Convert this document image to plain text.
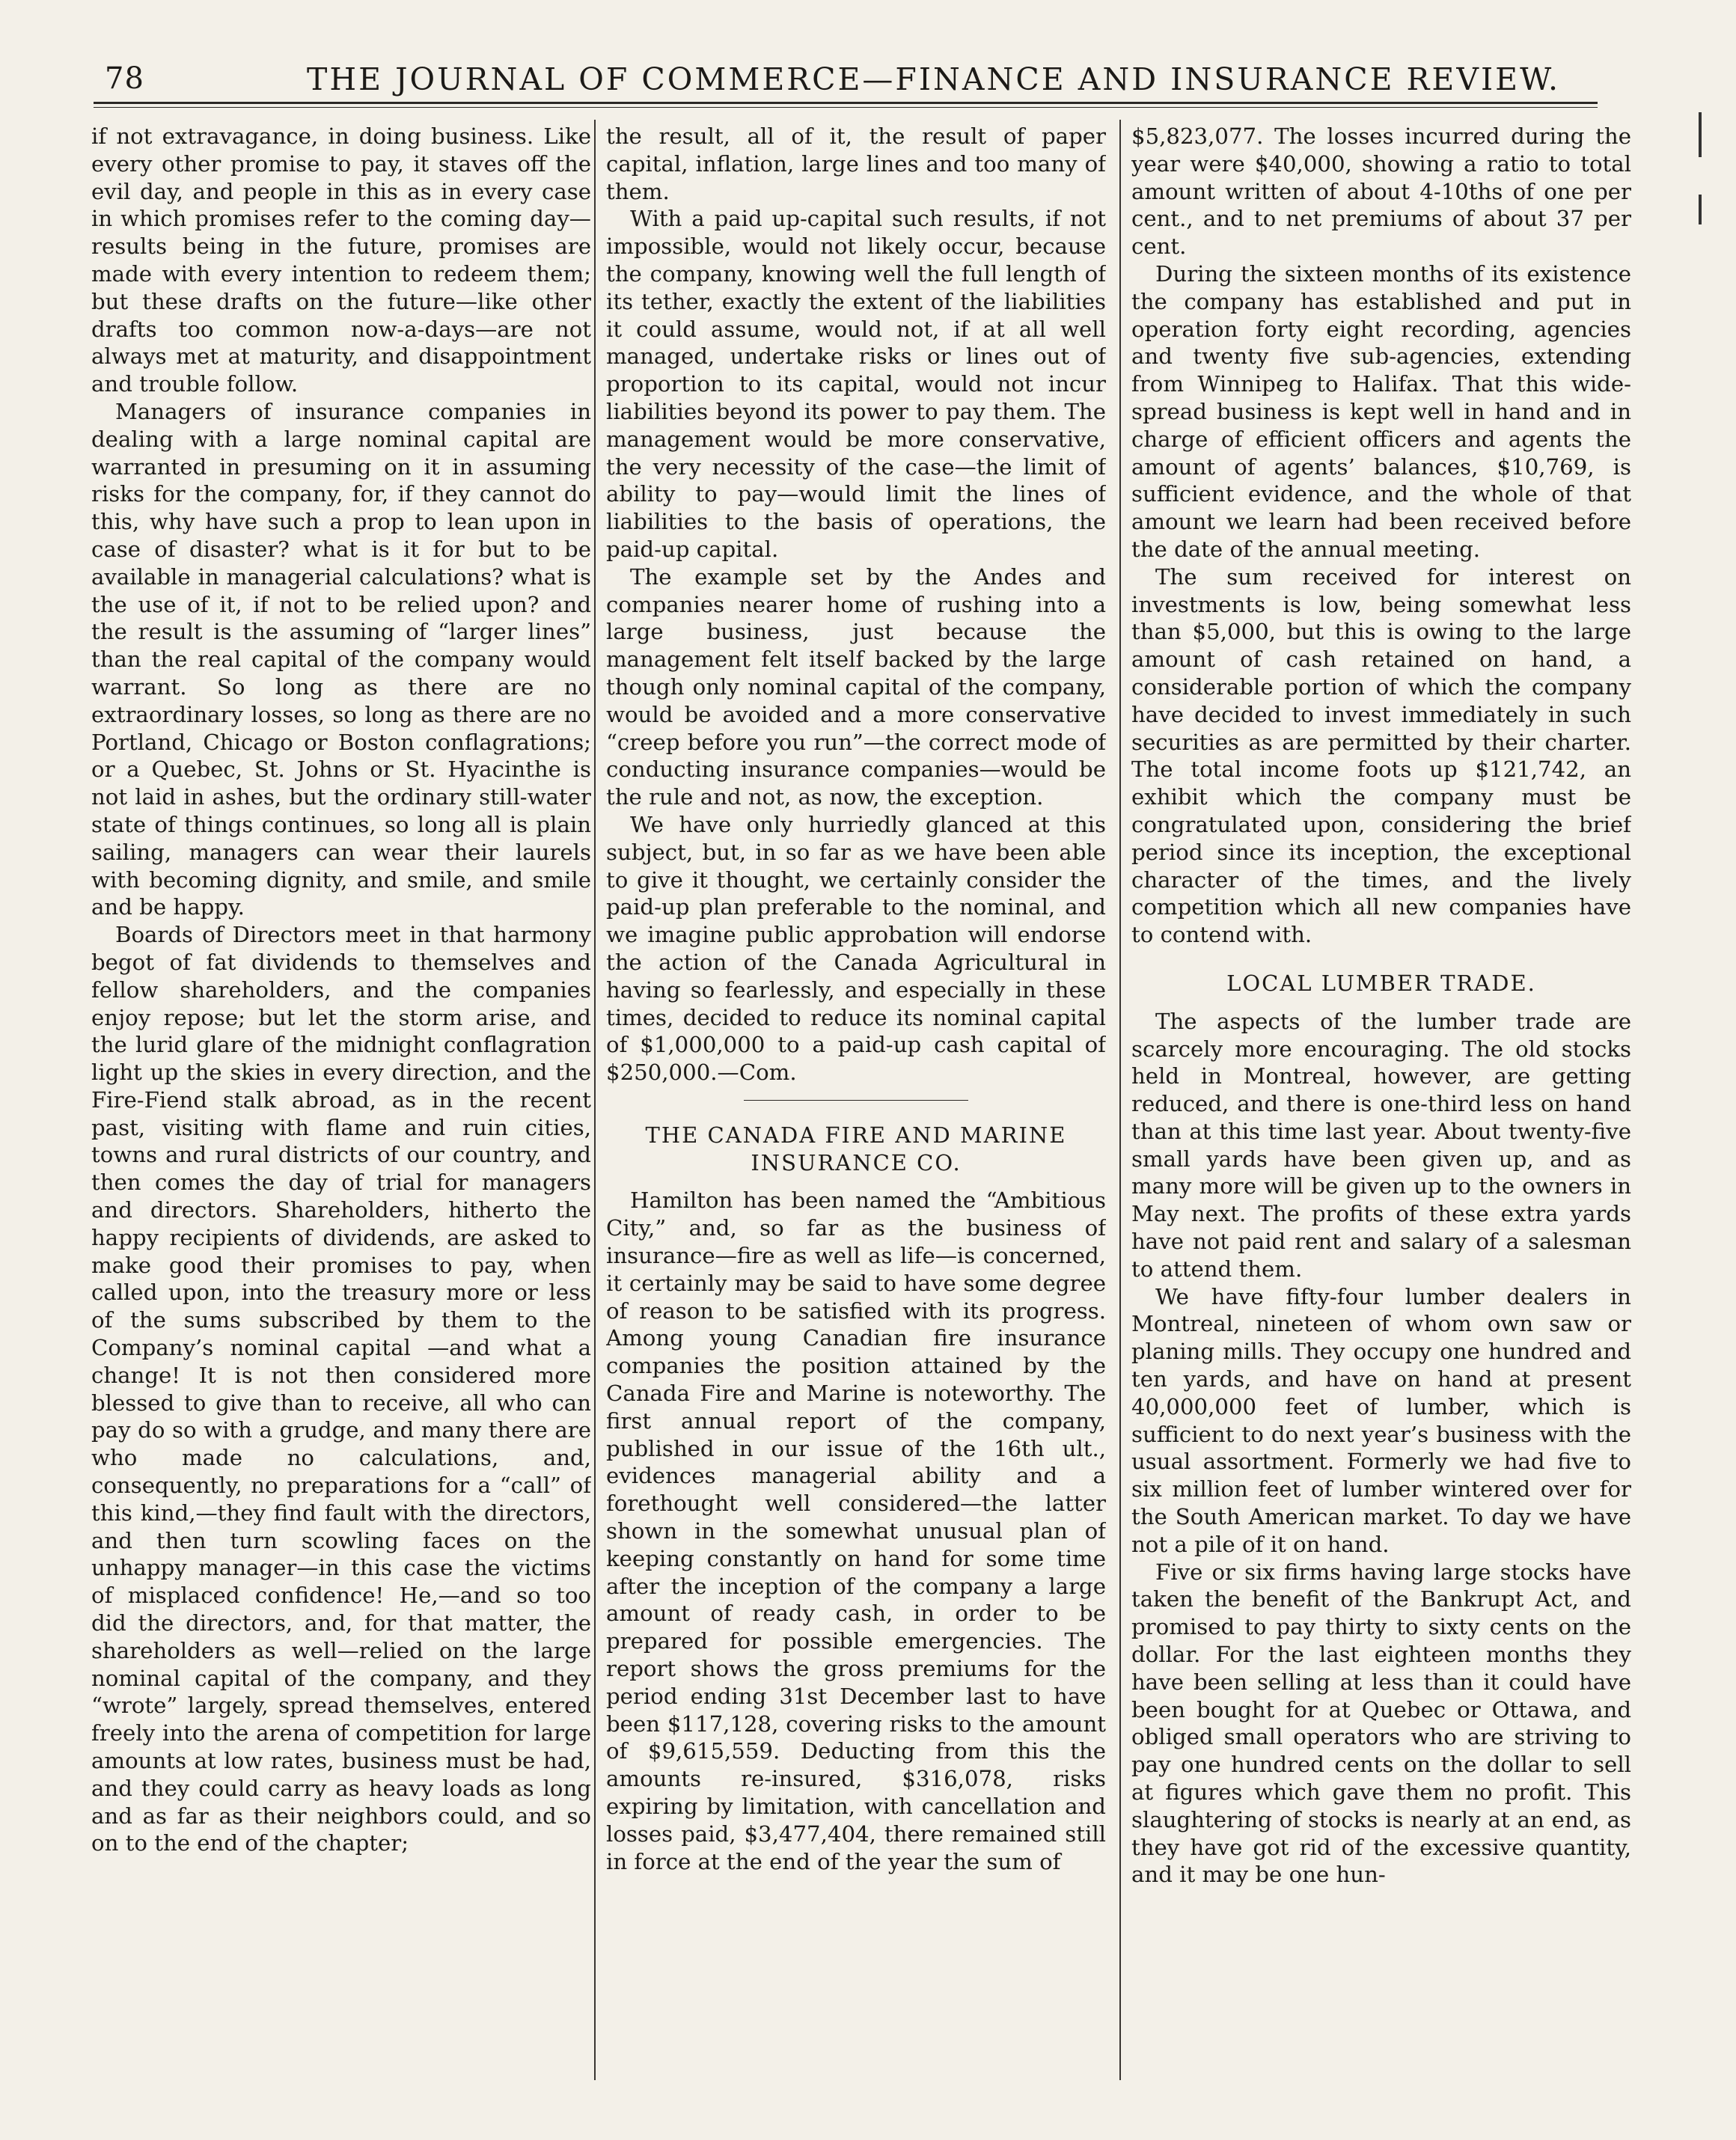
78	THE JOURNAL OF COMMERCE—FINANCE AND INSURANCE REVIEW.

if not extravagance, in doing business. Like every other promise to pay, it staves off the evil day, and people in this as in every case in which promises refer to the coming day—results being in the future, promises are made with every intention to redeem them; but these drafts on the future—like other drafts too common now-a-days—are not always met at maturity, and disappointment and trouble follow.

Managers of insurance companies in dealing with a large nominal capital are warranted in presuming on it in assuming risks for the company, for, if they cannot do this, why have such a prop to lean upon in case of disaster? what is it for but to be available in managerial calculations? what is the use of it, if not to be relied upon? and the result is the assuming of “larger lines” than the real capital of the company would warrant. So long as there are no extraordinary losses, so long as there are no Portland, Chicago or Boston conflagrations; or a Quebec, St. Johns or St. Hyacinthe is not laid in ashes, but the ordinary still-water state of things continues, so long all is plain sailing, managers can wear their laurels with becoming dignity, and smile, and smile and be happy.

Boards of Directors meet in that harmony begot of fat dividends to themselves and fellow shareholders, and the companies enjoy repose; but let the storm arise, and the lurid glare of the midnight conflagration light up the skies in every direction, and the Fire-Fiend stalk abroad, as in the recent past, visiting with flame and ruin cities, towns and rural districts of our country, and then comes the day of trial for managers and directors. Shareholders, hitherto the happy recipients of dividends, are asked to make good their promises to pay, when called upon, into the treasury more or less of the sums subscribed by them to the Company’s nominal capital —and what a change! It is not then considered more blessed to give than to receive, all who can pay do so with a grudge, and many there are who made no calculations, and, consequently, no preparations for a “call” of this kind,—they find fault with the directors, and then turn scowling faces on the unhappy manager—in this case the victims of misplaced confidence! He,—and so too did the directors, and, for that matter, the shareholders as well—relied on the large nominal capital of the company, and they “wrote” largely, spread themselves, entered freely into the arena of competition for large amounts at low rates, business must be had, and they could carry as heavy loads as long and as far as their neighbors could, and so on to the end of the chapter;

the result, all of it, the result of paper capital, inflation, large lines and too many of them.

With a paid up-capital such results, if not impossible, would not likely occur, because the company, knowing well the full length of its tether, exactly the extent of the liabilities it could assume, would not, if at all well managed, undertake risks or lines out of proportion to its capital, would not incur liabilities beyond its power to pay them. The management would be more conservative, the very necessity of the case—the limit of ability to pay—would limit the lines of liabilities to the basis of operations, the paid-up capital.

The example set by the Andes and companies nearer home of rushing into a large business, just because the management felt itself backed by the large though only nominal capital of the company, would be avoided and a more conservative “creep before you run”—the correct mode of conducting insurance companies—would be the rule and not, as now, the exception.

We have only hurriedly glanced at this subject, but, in so far as we have been able to give it thought, we certainly consider the paid-up plan preferable to the nominal, and we imagine public approbation will endorse the action of the Canada Agricultural in having so fearlessly, and especially in these times, decided to reduce its nominal capital of $1,000,000 to a paid-up cash capital of $250,000.—Com.

THE CANADA FIRE AND MARINE INSURANCE CO.

Hamilton has been named the “Ambitious City,” and, so far as the business of insurance—fire as well as life—is concerned, it certainly may be said to have some degree of reason to be satisfied with its progress. Among young Canadian fire insurance companies the position attained by the Canada Fire and Marine is noteworthy. The first annual report of the company, published in our issue of the 16th ult., evidences managerial ability and a forethought well considered—the latter shown in the somewhat unusual plan of keeping constantly on hand for some time after the inception of the company a large amount of ready cash, in order to be prepared for possible emergencies. The report shows the gross premiums for the period ending 31st December last to have been $117,128, covering risks to the amount of $9,615,559. Deducting from this the amounts re-insured, $316,078, risks expiring by limitation, with cancellation and losses paid, $3,477,404, there remained still in force at the end of the year the sum of

$5,823,077. The losses incurred during the year were $40,000, showing a ratio to total amount written of about 4-10ths of one per cent., and to net premiums of about 37 per cent.

During the sixteen months of its existence the company has established and put in operation forty eight recording, agencies and twenty five sub-agencies, extending from Winnipeg to Halifax. That this wide-spread business is kept well in hand and in charge of efficient officers and agents the amount of agents’ balances, $10,769, is sufficient evidence, and the whole of that amount we learn had been received before the date of the annual meeting.

The sum received for interest on investments is low, being somewhat less than $5,000, but this is owing to the large amount of cash retained on hand, a considerable portion of which the company have decided to invest immediately in such securities as are permitted by their charter. The total income foots up $121,742, an exhibit which the company must be congratulated upon, considering the brief period since its inception, the exceptional character of the times, and the lively competition which all new companies have to contend with.

LOCAL LUMBER TRADE.

The aspects of the lumber trade are scarcely more encouraging. The old stocks held in Montreal, however, are getting reduced, and there is one-third less on hand than at this time last year. About twenty-five small yards have been given up, and as many more will be given up to the owners in May next. The profits of these extra yards have not paid rent and salary of a salesman to attend them.

We have fifty-four lumber dealers in Montreal, nineteen of whom own saw or planing mills. They occupy one hundred and ten yards, and have on hand at present 40,000,000 feet of lumber, which is sufficient to do next year’s business with the usual assortment. Formerly we had five to six million feet of lumber wintered over for the South American market. To day we have not a pile of it on hand.

Five or six firms having large stocks have taken the benefit of the Bankrupt Act, and promised to pay thirty to sixty cents on the dollar. For the last eighteen months they have been selling at less than it could have been bought for at Quebec or Ottawa, and obliged small operators who are striving to pay one hundred cents on the dollar to sell at figures which gave them no profit. This slaughtering of stocks is nearly at an end, as they have got rid of the excessive quantity, and it may be one hun-
